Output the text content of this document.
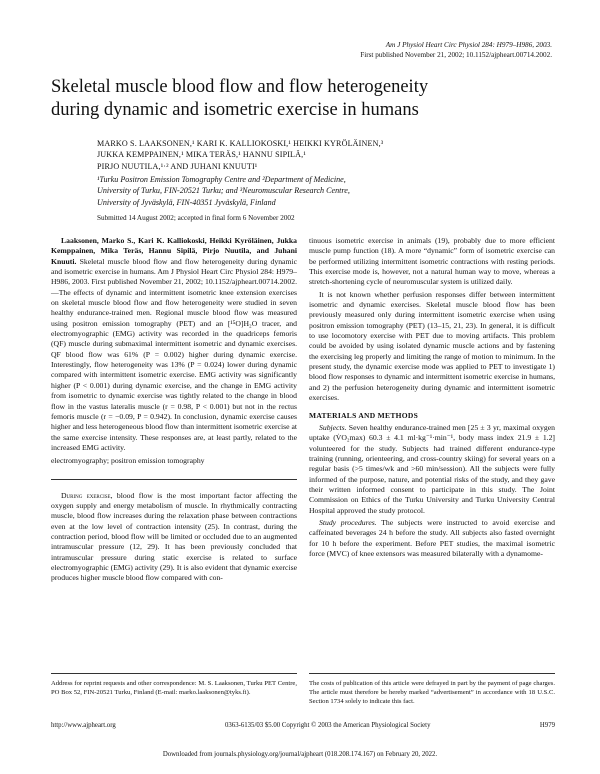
Am J Physiol Heart Circ Physiol 284: H979–H986, 2003.
First published November 21, 2002; 10.1152/ajpheart.00714.2002.
Skeletal muscle blood flow and flow heterogeneity
during dynamic and isometric exercise in humans
MARKO S. LAAKSONEN,¹ KARI K. KALLIOKOSKI,¹ HEIKKI KYRÖLÄINEN,³
JUKKA KEMPPAINEN,¹ MIKA TERÄS,¹ HANNU SIPILÄ,¹
PIRJO NUUTILA,¹·² AND JUHANI KNUUTI¹
¹Turku Positron Emission Tomography Centre and ²Department of Medicine,
University of Turku, FIN-20521 Turku; and ³Neuromuscular Research Centre,
University of Jyväskylä, FIN-40351 Jyväskylä, Finland
Submitted 14 August 2002; accepted in final form 6 November 2002

Laaksonen, Marko S., Kari K. Kalliokoski, Heikki Kyröläinen, Jukka Kemppainen, Mika Teräs, Hannu Sipilä, Pirjo Nuutila, and Juhani Knuuti. Skeletal muscle blood flow and flow heterogeneity during dynamic and isometric exercise in humans. Am J Physiol Heart Circ Physiol 284: H979–H986, 2003. First published November 21, 2002; 10.1152/ajpheart.00714.2002.—The effects of dynamic and intermittent isometric knee extension exercises on skeletal muscle blood flow and flow heterogeneity were studied in seven healthy endurance-trained men. Regional muscle blood flow was measured using positron emission tomography (PET) and an [¹⁵O]H₂O tracer, and electromyographic (EMG) activity was recorded in the quadriceps femoris (QF) muscle during submaximal intermittent isometric and dynamic exercises. QF blood flow was 61% (P = 0.002) higher during dynamic exercise. Interestingly, flow heterogeneity was 13% (P = 0.024) lower during dynamic compared with intermittent isometric exercise. EMG activity was significantly higher (P < 0.001) during dynamic exercise, and the change in EMG activity from isometric to dynamic exercise was tightly related to the change in blood flow in the vastus lateralis muscle (r = 0.98, P < 0.001) but not in the rectus femoris muscle (r = −0.09, P = 0.942). In conclusion, dynamic exercise causes higher and less heterogeneous blood flow than intermittent isometric exercise at the same exercise intensity. These responses are, at least partly, related to the increased EMG activity.

electromyography; positron emission tomography

During exercise, blood flow is the most important factor affecting the oxygen supply and energy metabolism of muscle. In rhythmically contracting muscle, blood flow increases during the relaxation phase between contractions even at the low level of contraction intensity (25). In contrast, during the contraction period, blood flow will be limited or occluded due to an augmented intramuscular pressure (12, 29). It has been previously concluded that intramuscular pressure during static exercise is related to surface electromyographic (EMG) activity (29). It is also evident that dynamic exercise produces higher muscle blood flow compared with con-

tinuous isometric exercise in animals (19), probably due to more efficient muscle pump function (18). A more “dynamic” form of isometric exercise can be performed utilizing intermittent isometric contractions with resting periods. This exercise mode is, however, not a natural human way to move, whereas a stretch-shortening cycle of neuromuscular system is utilized daily.

It is not known whether perfusion responses differ between intermittent isometric and dynamic exercises. Skeletal muscle blood flow has been previously measured only during intermittent isometric exercise when using positron emission tomography (PET) (13–15, 21, 23). In general, it is difficult to use locomotory exercise with PET due to moving artifacts. This problem could be avoided by using isolated dynamic muscle actions and by fastening the exercising leg properly and limiting the range of motion to minimum. In the present study, the dynamic exercise mode was applied to PET to investigate 1) blood flow responses to dynamic and intermittent isometric exercise in humans, and 2) the perfusion heterogeneity during dynamic and intermittent isometric exercises.

MATERIALS AND METHODS

Subjects. Seven healthy endurance-trained men [25 ± 3 yr, maximal oxygen uptake (V̇O₂max) 60.3 ± 4.1 ml·kg⁻¹·min⁻¹, body mass index 21.9 ± 1.2] volunteered for the study. Subjects had trained different endurance-type training (running, orienteering, and cross-country skiing) for several years on a regular basis (>5 times/wk and >60 min/session). All the subjects were fully informed of the purpose, nature, and potential risks of the study, and they gave their written informed consent to participate in this study. The Joint Commission on Ethics of the Turku University and Turku University Central Hospital approved the study protocol.

Study procedures. The subjects were instructed to avoid exercise and caffeinated beverages 24 h before the study. All subjects also fasted overnight for 10 h before the experiment. Before PET studies, the maximal isometric force (MVC) of knee extensors was measured bilaterally with a dynamome-

Address for reprint requests and other correspondence: M. S. Laaksonen, Turku PET Centre, PO Box 52, FIN-20521 Turku, Finland (E-mail: marko.laaksonen@tyks.fi).
The costs of publication of this article were defrayed in part by the payment of page charges. The article must therefore be hereby marked “advertisement” in accordance with 18 U.S.C. Section 1734 solely to indicate this fact.
http://www.ajpheart.org	0363-6135/03 $5.00 Copyright © 2003 the American Physiological Society	H979
Downloaded from journals.physiology.org/journal/ajpheart (018.208.174.167) on February 20, 2022.
